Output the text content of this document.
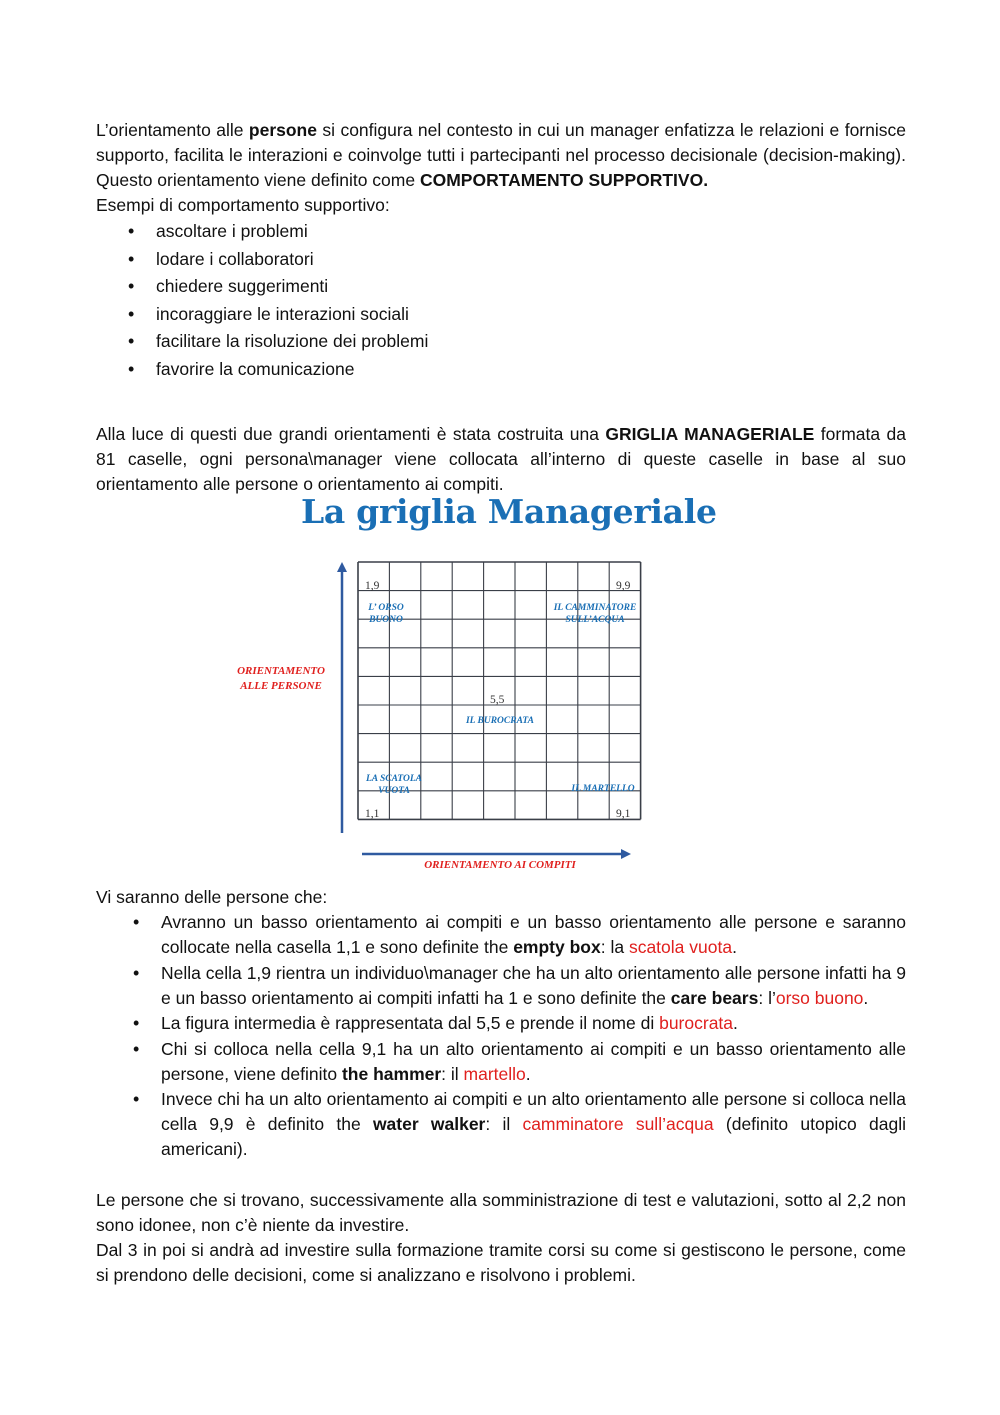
L’orientamento alle persone si configura nel contesto in cui un manager enfatizza le relazioni e fornisce supporto, facilita le interazioni e coinvolge tutti i partecipanti nel processo decisionale (decision-making). Questo orientamento viene definito come COMPORTAMENTO SUPPORTIVO.

Esempi di comportamento supportivo:

• ascoltare i problemi
• lodare i collaboratori
• chiedere suggerimenti
• incoraggiare le interazioni sociali
• facilitare la risoluzione dei problemi
• favorire la comunicazione

Alla luce di questi due grandi orientamenti è stata costruita una GRIGLIA MANAGERIALE formata da 81 caselle, ogni persona\manager viene collocata all’interno di queste caselle in base al suo orientamento alle persone o orientamento ai compiti.

La griglia Manageriale
ORIENTAMENTO
ALLE PERSONE
ORIENTAMENTO AI COMPITI
1,9	9,9
5,5
1,1	9,1
L’ ORSO
BUONO
IL CAMMINATORE
SULL’ACQUA
IL BUROCRATA
LA SCATOLA
VUOTA	IL MARTELLO

Vi saranno delle persone che:

• Avranno un basso orientamento ai compiti e un basso orientamento alle persone e saranno collocate nella casella 1,1 e sono definite the empty box: la scatola vuota.
• Nella cella 1,9 rientra un individuo\manager che ha un alto orientamento alle persone infatti ha 9 e un basso orientamento ai compiti infatti ha 1 e sono definite the care bears: l’orso buono.
• La figura intermedia è rappresentata dal 5,5 e prende il nome di burocrata.
• Chi si colloca nella cella 9,1 ha un alto orientamento ai compiti e un basso orientamento alle persone, viene definito the hammer: il martello.
• Invece chi ha un alto orientamento ai compiti e un alto orientamento alle persone si colloca nella cella 9,9 è definito the water walker: il camminatore sull’acqua (definito utopico dagli americani).

Le persone che si trovano, successivamente alla somministrazione di test e valutazioni, sotto al 2,2 non sono idonee, non c’è niente da investire.

Dal 3 in poi si andrà ad investire sulla formazione tramite corsi su come si gestiscono le persone, come si prendono delle decisioni, come si analizzano e risolvono i problemi.
